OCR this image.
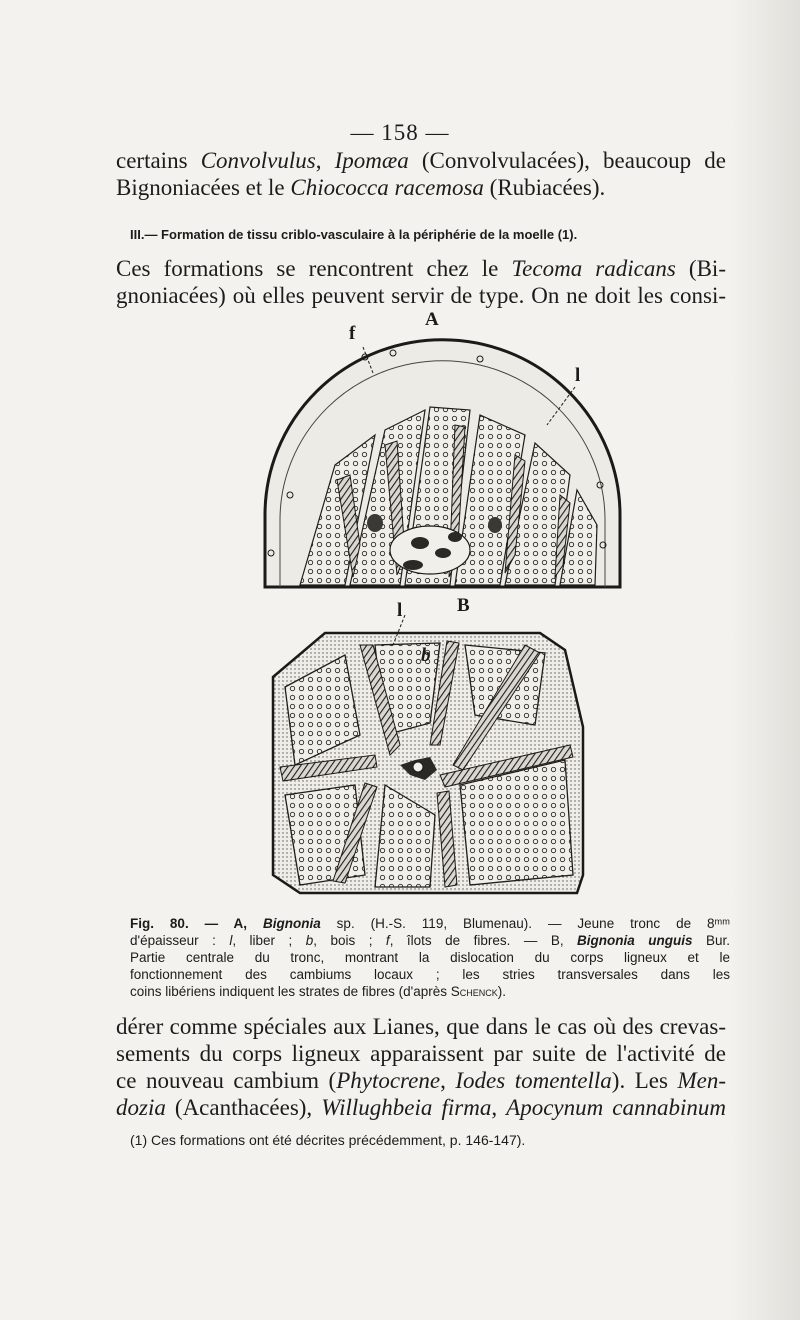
— 158 —
certains Convolvulus, Ipomæa (Convolvulacées), beaucoup de
Bignoniacées et le Chiococca racemosa (Rubiacées).
III.— Formation de tissu criblo-vasculaire à la périphérie de la moelle (1).
Ces formations se rencontrent chez le Tecoma radicans (Bi-
gnoniacées) où elles peuvent servir de type. On ne doit les consi-
A
f
l
l	B
b
Fig. 80. — A, Bignonia sp. (H.-S. 119, Blumenau). — Jeune tronc de 8ᵐᵐ
d'épaisseur : l, liber ; b, bois ; f, îlots de fibres. — B, Bignonia unguis Bur.
Partie centrale du tronc, montrant la dislocation du corps ligneux et le
fonctionnement des cambiums locaux ; les stries transversales dans les
coins libériens indiquent les strates de fibres (d'après Schenck).
dérer comme spéciales aux Lianes, que dans le cas où des crevas-
sements du corps ligneux apparaissent par suite de l'activité de
ce nouveau cambium (Phytocrene, Iodes tomentella). Les Men-
dozia (Acanthacées), Willughbeia firma, Apocynum cannabinum
(1) Ces formations ont été décrites précédemment, p. 146-147).
